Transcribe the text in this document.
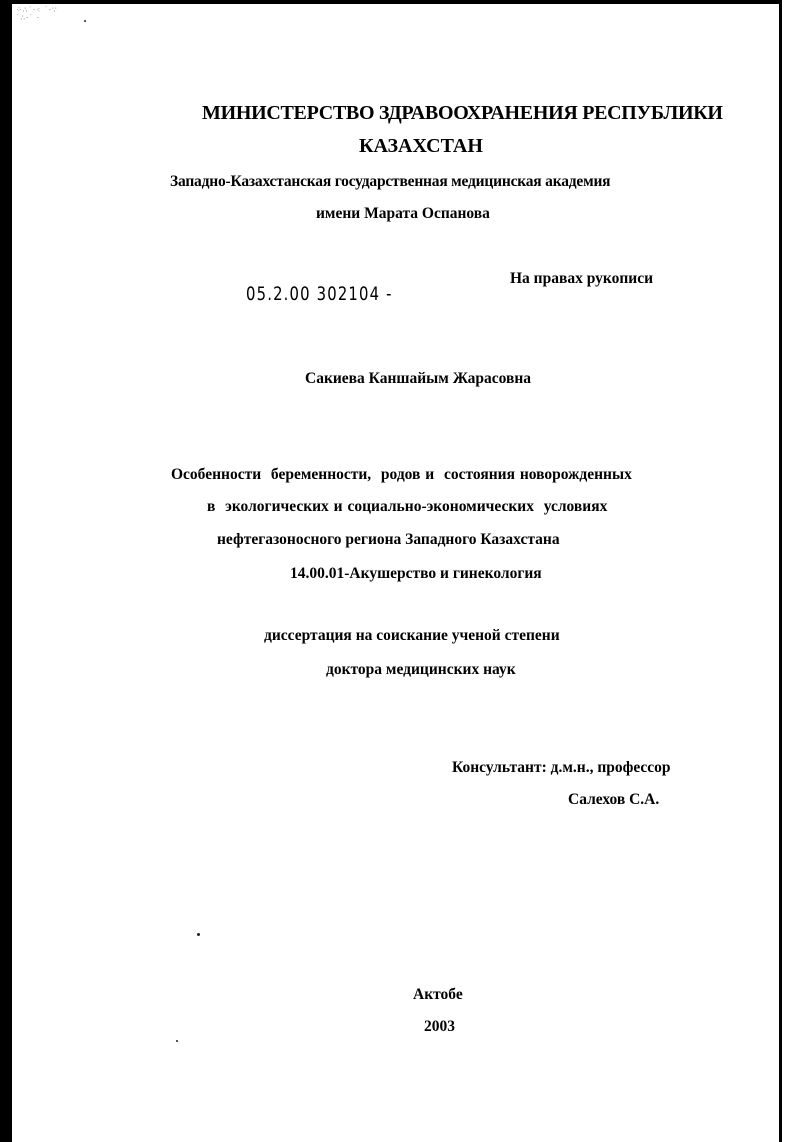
⁘∴˙·⁖ ˙·∵
˙∴·˙ ·
МИНИСТЕРСТВО ЗДРАВООХРАНЕНИЯ РЕСПУБЛИКИ
КАЗАХСТАН
Западно-Казахстанская государственная медицинская академия
имени Марата Оспанова
05.2.00 302104 -
На правах рукописи
Сакиева Каншайым Жарасовна
Особенности  беременности,  родов и  состояния новорожденных
в  экологических и социально-экономических  условиях
нефтегазоносного региона Западного Казахстана
14.00.01-Акушерство и гинекология
диссертация на соискание ученой степени
доктора медицинских наук
Консультант: д.м.н., профессор
Салехов С.А.
Актобе
2003
